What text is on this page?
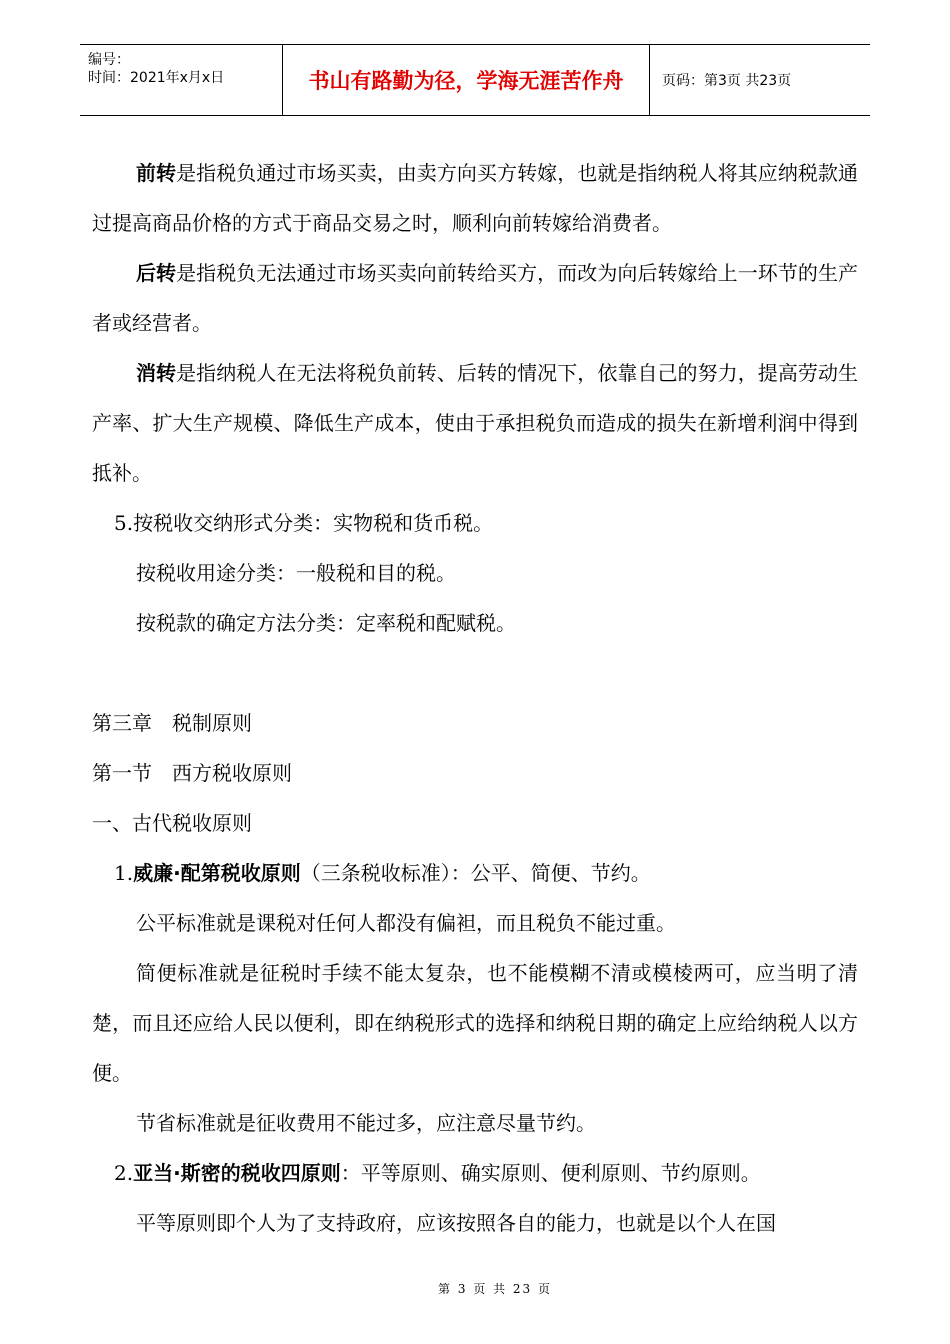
编号：
时间：2021年x月x日	书山有路勤为径，学海无涯苦作舟	页码：第3页 共23页

前转是指税负通过市场买卖，由卖方向买方转嫁，也就是指纳税人将其应纳税款通过提高商品价格的方式于商品交易之时，顺利向前转嫁给消费者。

后转是指税负无法通过市场买卖向前转给买方，而改为向后转嫁给上一环节的生产者或经营者。

消转是指纳税人在无法将税负前转、后转的情况下，依靠自己的努力，提高劳动生产率、扩大生产规模、降低生产成本，使由于承担税负而造成的损失在新增利润中得到抵补。

5.按税收交纳形式分类：实物税和货币税。

按税收用途分类：一般税和目的税。

按税款的确定方法分类：定率税和配赋税。

第三章　税制原则

第一节　西方税收原则

一、古代税收原则

1.威廉·配第税收原则（三条税收标准）：公平、简便、节约。

公平标准就是课税对任何人都没有偏袒，而且税负不能过重。

简便标准就是征税时手续不能太复杂，也不能模糊不清或模棱两可，应当明了清楚，而且还应给人民以便利，即在纳税形式的选择和纳税日期的确定上应给纳税人以方便。

节省标准就是征收费用不能过多，应注意尽量节约。

2.亚当·斯密的税收四原则：平等原则、确实原则、便利原则、节约原则。

平等原则即个人为了支持政府，应该按照各自的能力，也就是以个人在国

第 3 页 共 23 页
